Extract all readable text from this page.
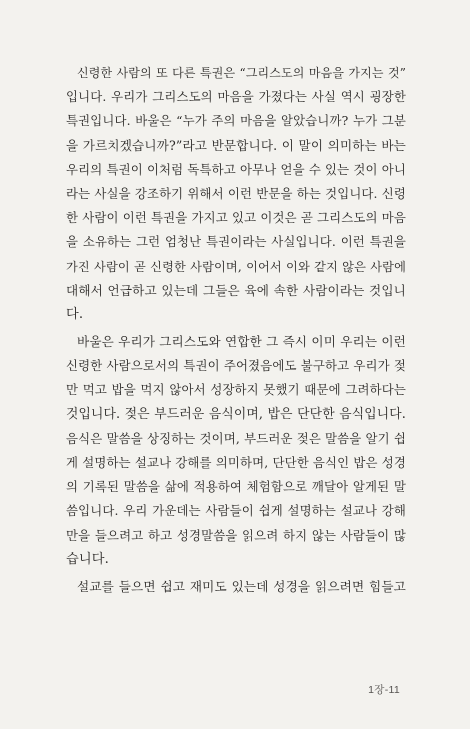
신령한 사람의 또 다른 특권은 “그리스도의 마음을 가지는 것”
입니다. 우리가 그리스도의 마음을 가졌다는 사실 역시 굉장한
특권입니다. 바울은 “누가 주의 마음을 알았습니까? 누가 그분
을 가르치겠습니까?”라고 반문합니다. 이 말이 의미하는 바는
우리의 특권이 이처럼 독특하고 아무나 얻을 수 있는 것이 아니
라는 사실을 강조하기 위해서 이런 반문을 하는 것입니다. 신령
한 사람이 이런 특권을 가지고 있고 이것은 곧 그리스도의 마음
을 소유하는 그런 엄청난 특권이라는 사실입니다. 이런 특권을
가진 사람이 곧 신령한 사람이며, 이어서 이와 같지 않은 사람에
대해서 언급하고 있는데 그들은 육에 속한 사람이라는 것입니
다.
바울은 우리가 그리스도와 연합한 그 즉시 이미 우리는 이런
신령한 사람으로서의 특권이 주어졌음에도 불구하고 우리가 젖
만 먹고 밥을 먹지 않아서 성장하지 못했기 때문에 그려하다는
것입니다. 젖은 부드러운 음식이며, 밥은 단단한 음식입니다.
음식은 말씀을 상징하는 것이며, 부드러운 젖은 말씀을 알기 쉽
게 설명하는 설교나 강해를 의미하며, 단단한 음식인 밥은 성경
의 기록된 말씀을 삶에 적용하여 체험함으로 깨달아 알게된 말
씀입니다. 우리 가운데는 사람들이 쉽게 설명하는 설교나 강해
만을 들으려고 하고 성경말씀을 읽으려 하지 않는 사람들이 많
습니다.
설교를 들으면 쉽고 재미도 있는데 성경을 읽으려면 힘들고
1장-11
